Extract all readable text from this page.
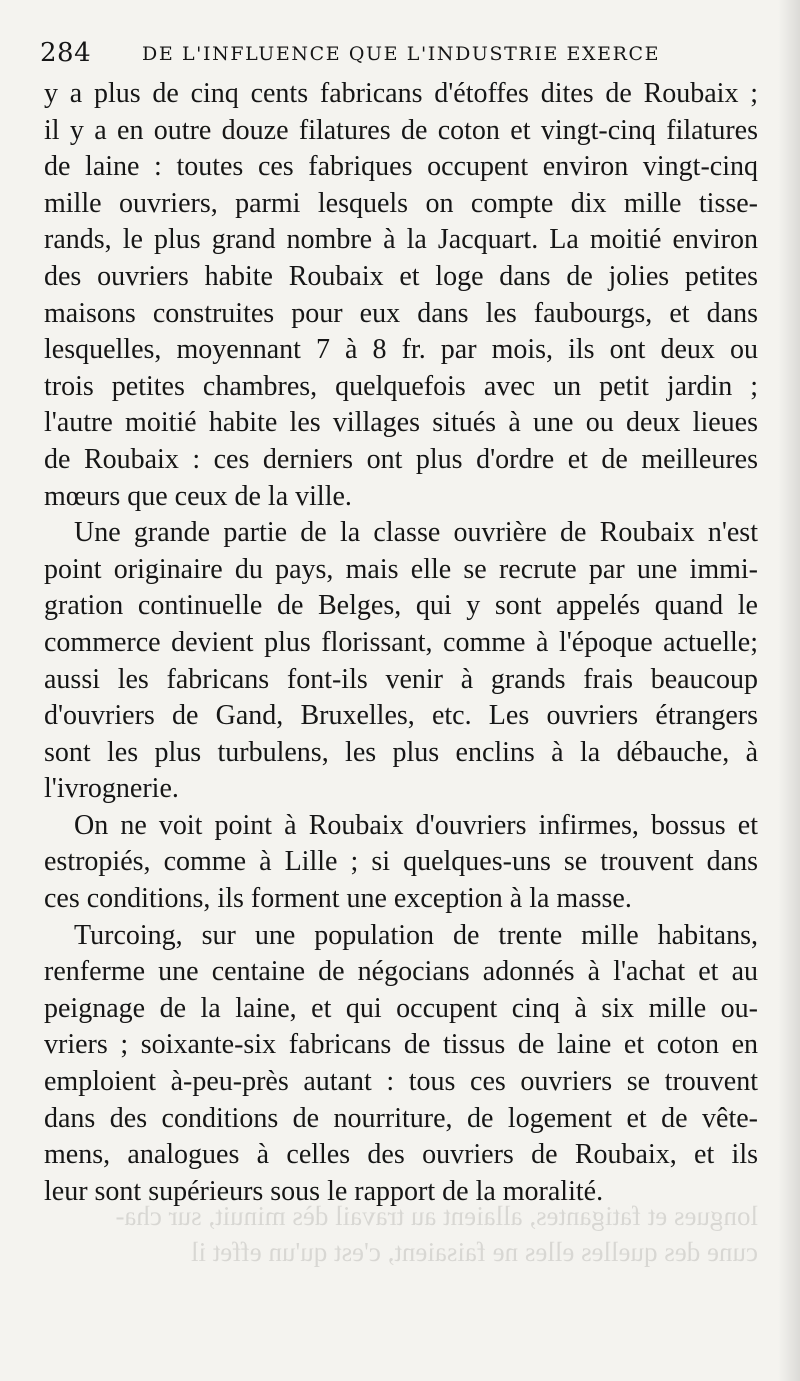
284	DE L'INFLUENCE QUE L'INDUSTRIE EXERCE
y a plus de cinq cents fabricans d'étoffes dites de Roubaix ;
il y a en outre douze filatures de coton et vingt-cinq filatures
de laine : toutes ces fabriques occupent environ vingt-cinq
mille ouvriers, parmi lesquels on compte dix mille tisse-
rands, le plus grand nombre à la Jacquart. La moitié environ
des ouvriers habite Roubaix et loge dans de jolies petites
maisons construites pour eux dans les faubourgs, et dans
lesquelles, moyennant 7 à 8 fr. par mois, ils ont deux ou
trois petites chambres, quelquefois avec un petit jardin ;
l'autre moitié habite les villages situés à une ou deux lieues
de Roubaix : ces derniers ont plus d'ordre et de meilleures
mœurs que ceux de la ville.
Une grande partie de la classe ouvrière de Roubaix n'est
point originaire du pays, mais elle se recrute par une immi-
gration continuelle de Belges, qui y sont appelés quand le
commerce devient plus florissant, comme à l'époque actuelle;
aussi les fabricans font-ils venir à grands frais beaucoup
d'ouvriers de Gand, Bruxelles, etc. Les ouvriers étrangers
sont les plus turbulens, les plus enclins à la débauche, à
l'ivrognerie.
On ne voit point à Roubaix d'ouvriers infirmes, bossus et
estropiés, comme à Lille ; si quelques-uns se trouvent dans
ces conditions, ils forment une exception à la masse.
Turcoing, sur une population de trente mille habitans,
renferme une centaine de négocians adonnés à l'achat et au
peignage de la laine, et qui occupent cinq à six mille ou-
vriers ; soixante-six fabricans de tissus de laine et coton en
emploient à-peu-près autant : tous ces ouvriers se trouvent
dans des conditions de nourriture, de logement et de vête-
mens, analogues à celles des ouvriers de Roubaix, et ils
leur sont supérieurs sous le rapport de la moralité.
longues et fatigantes, allaient au travail dès minuit, sur cha-
cune des quelles elles ne faisaient, c'est qu'un effet il
